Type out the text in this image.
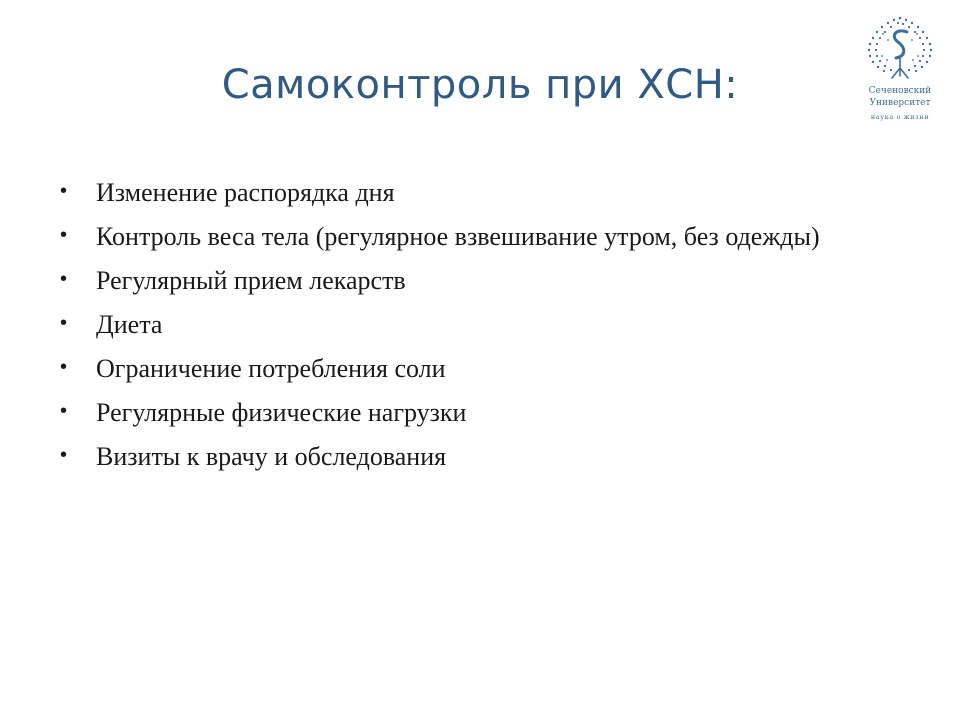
Самоконтроль при ХСН:	Сеченовский
Университет
наука о жизни
•	Изменение распорядка дня
•	Контроль веса тела (регулярное взвешивание утром, без одежды)
•	Регулярный прием лекарств
•	Диета
•	Ограничение потребления соли
•	Регулярные физические нагрузки
•	Визиты к врачу и обследования
